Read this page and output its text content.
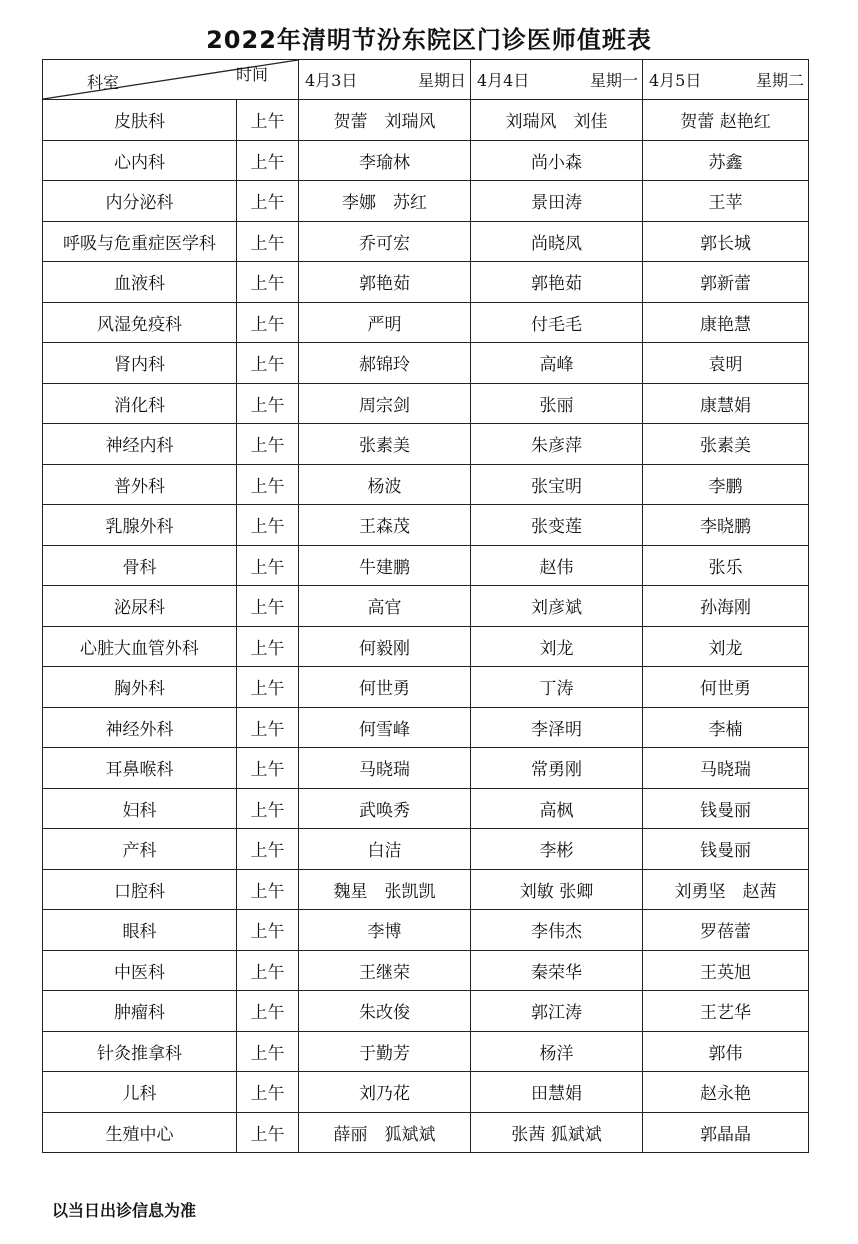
2022年清明节汾东院区门诊医师值班表
科室 时间		4月3日 星期日	4月4日 星期一	4月5日 星期二

皮肤科	上午	贺蕾　刘瑞风	刘瑞风　刘佳	贺蕾 赵艳红
心内科	上午	李瑜林	尚小森	苏鑫
内分泌科	上午	李娜　苏红	景田涛	王苹
呼吸与危重症医学科	上午	乔可宏	尚晓凤	郭长城
血液科	上午	郭艳茹	郭艳茹	郭新蕾
风湿免疫科	上午	严明	付毛毛	康艳慧
肾内科	上午	郝锦玲	高峰	袁明
消化科	上午	周宗剑	张丽	康慧娟
神经内科	上午	张素美	朱彦萍	张素美
普外科	上午	杨波	张宝明	李鹏
乳腺外科	上午	王森茂	张变莲	李晓鹏
骨科	上午	牛建鹏	赵伟	张乐
泌尿科	上午	高官	刘彦斌	孙海刚
心脏大血管外科	上午	何毅刚	刘龙	刘龙
胸外科	上午	何世勇	丁涛	何世勇
神经外科	上午	何雪峰	李泽明	李楠
耳鼻喉科	上午	马晓瑞	常勇刚	马晓瑞
妇科	上午	武唤秀	高枫	钱曼丽
产科	上午	白洁	李彬	钱曼丽
口腔科	上午	魏星　张凯凯	刘敏 张卿	刘勇坚　赵茜
眼科	上午	李博	李伟杰	罗蓓蕾
中医科	上午	王继荣	秦荣华	王英旭
肿瘤科	上午	朱改俊	郭江涛	王艺华
针灸推拿科	上午	于勤芳	杨洋	郭伟
儿科	上午	刘乃花	田慧娟	赵永艳
生殖中心	上午	薛丽　狐斌斌	张茜 狐斌斌	郭晶晶
以当日出诊信息为准
